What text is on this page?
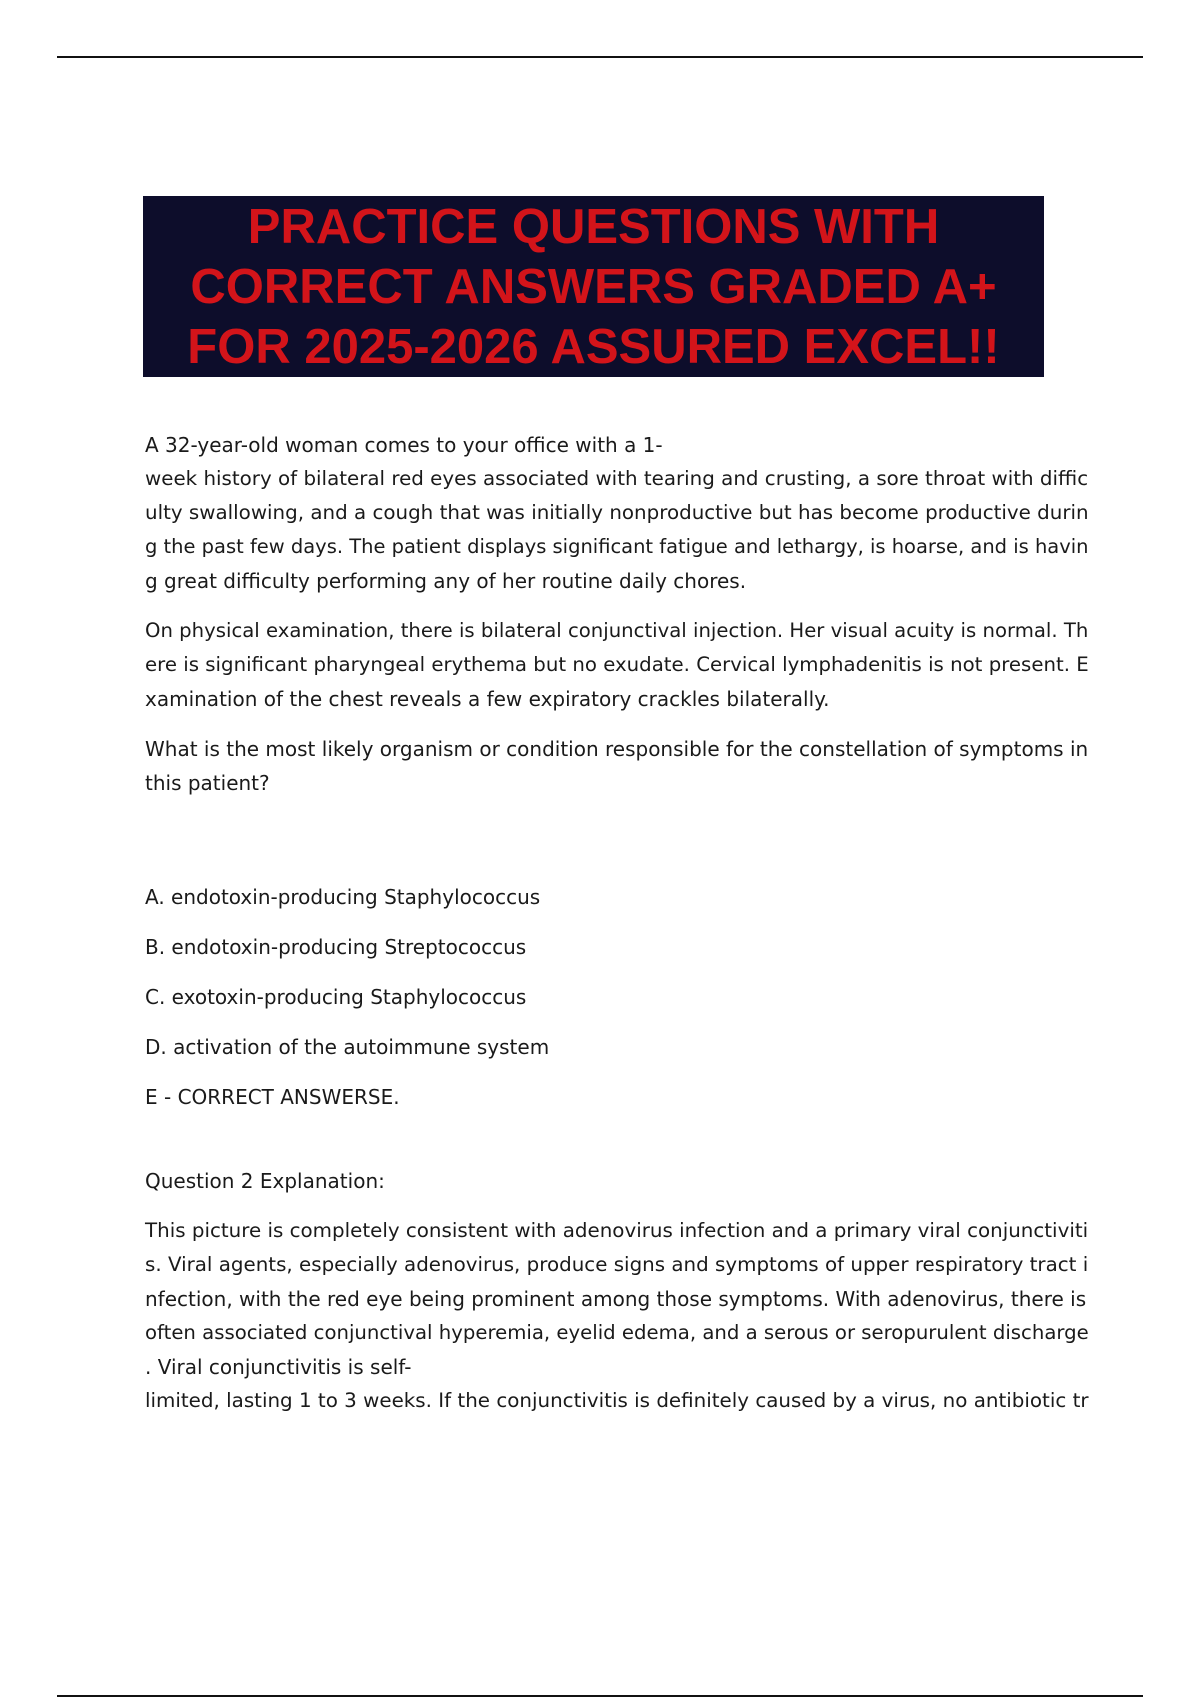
PRACTICE QUESTIONS WITH
CORRECT ANSWERS GRADED A+
FOR 2025-2026 ASSURED EXCEL!!
A 32-year-old woman comes to your office with a 1-
week history of bilateral red eyes associated with tearing and crusting, a sore throat with diffic
ulty swallowing, and a cough that was initially nonproductive but has become productive durin
g the past few days. The patient displays significant fatigue and lethargy, is hoarse, and is havin
g great difficulty performing any of her routine daily chores.
On physical examination, there is bilateral conjunctival injection. Her visual acuity is normal. Th
ere is significant pharyngeal erythema but no exudate. Cervical lymphadenitis is not present. E
xamination of the chest reveals a few expiratory crackles bilaterally.
What is the most likely organism or condition responsible for the constellation of symptoms in
this patient?
A. endotoxin-producing Staphylococcus
B. endotoxin-producing Streptococcus
C. exotoxin-producing Staphylococcus
D. activation of the autoimmune system
E - CORRECT ANSWERSE.
Question 2 Explanation:
This picture is completely consistent with adenovirus infection and a primary viral conjunctiviti
s. Viral agents, especially adenovirus, produce signs and symptoms of upper respiratory tract i
nfection, with the red eye being prominent among those symptoms. With adenovirus, there is
often associated conjunctival hyperemia, eyelid edema, and a serous or seropurulent discharge
. Viral conjunctivitis is self-
limited, lasting 1 to 3 weeks. If the conjunctivitis is definitely caused by a virus, no antibiotic tr
